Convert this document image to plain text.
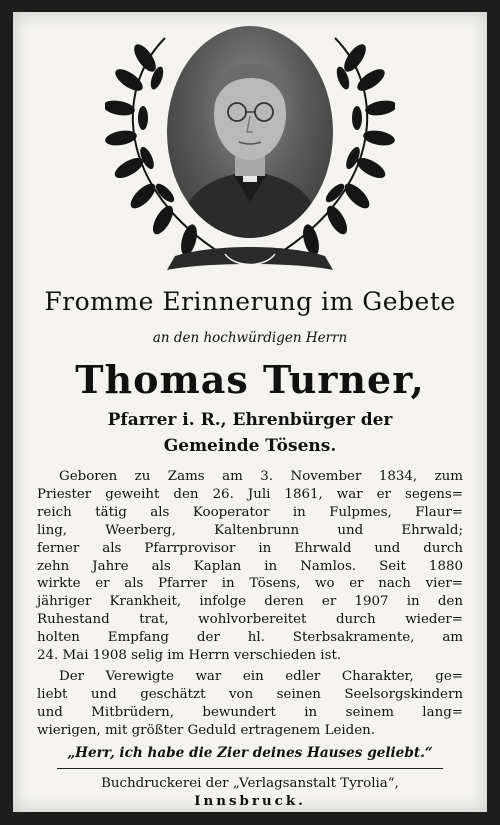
Fromme Erinnerung im Gebete
an den hochwürdigen Herrn
Thomas Turner,
Pfarrer i. R., Ehrenbürger der
Gemeinde Tösens.
Geboren zu Zams am 3. November 1834, zum
Priester geweiht den 26. Juli 1861, war er segens=
reich tätig als Kooperator in Fulpmes, Flaur=
ling, Weerberg, Kaltenbrunn und Ehrwald;
ferner als Pfarrprovisor in Ehrwald und durch
zehn Jahre als Kaplan in Namlos. Seit 1880
wirkte er als Pfarrer in Tösens, wo er nach vier=
jähriger Krankheit, infolge deren er 1907 in den
Ruhestand trat, wohlvorbereitet durch wieder=
holten Empfang der hl. Sterbsakramente, am
24. Mai 1908 selig im Herrn verschieden ist.
Der Verewigte war ein edler Charakter, ge=
liebt und geschätzt von seinen Seelsorgskindern
und Mitbrüdern, bewundert in seinem lang=
wierigen, mit größter Geduld ertragenem Leiden.
„Herr, ich habe die Zier deines Hauses geliebt.“
Buchdruckerei der „Verlagsanstalt Tyrolia“,
Innsbruck.
